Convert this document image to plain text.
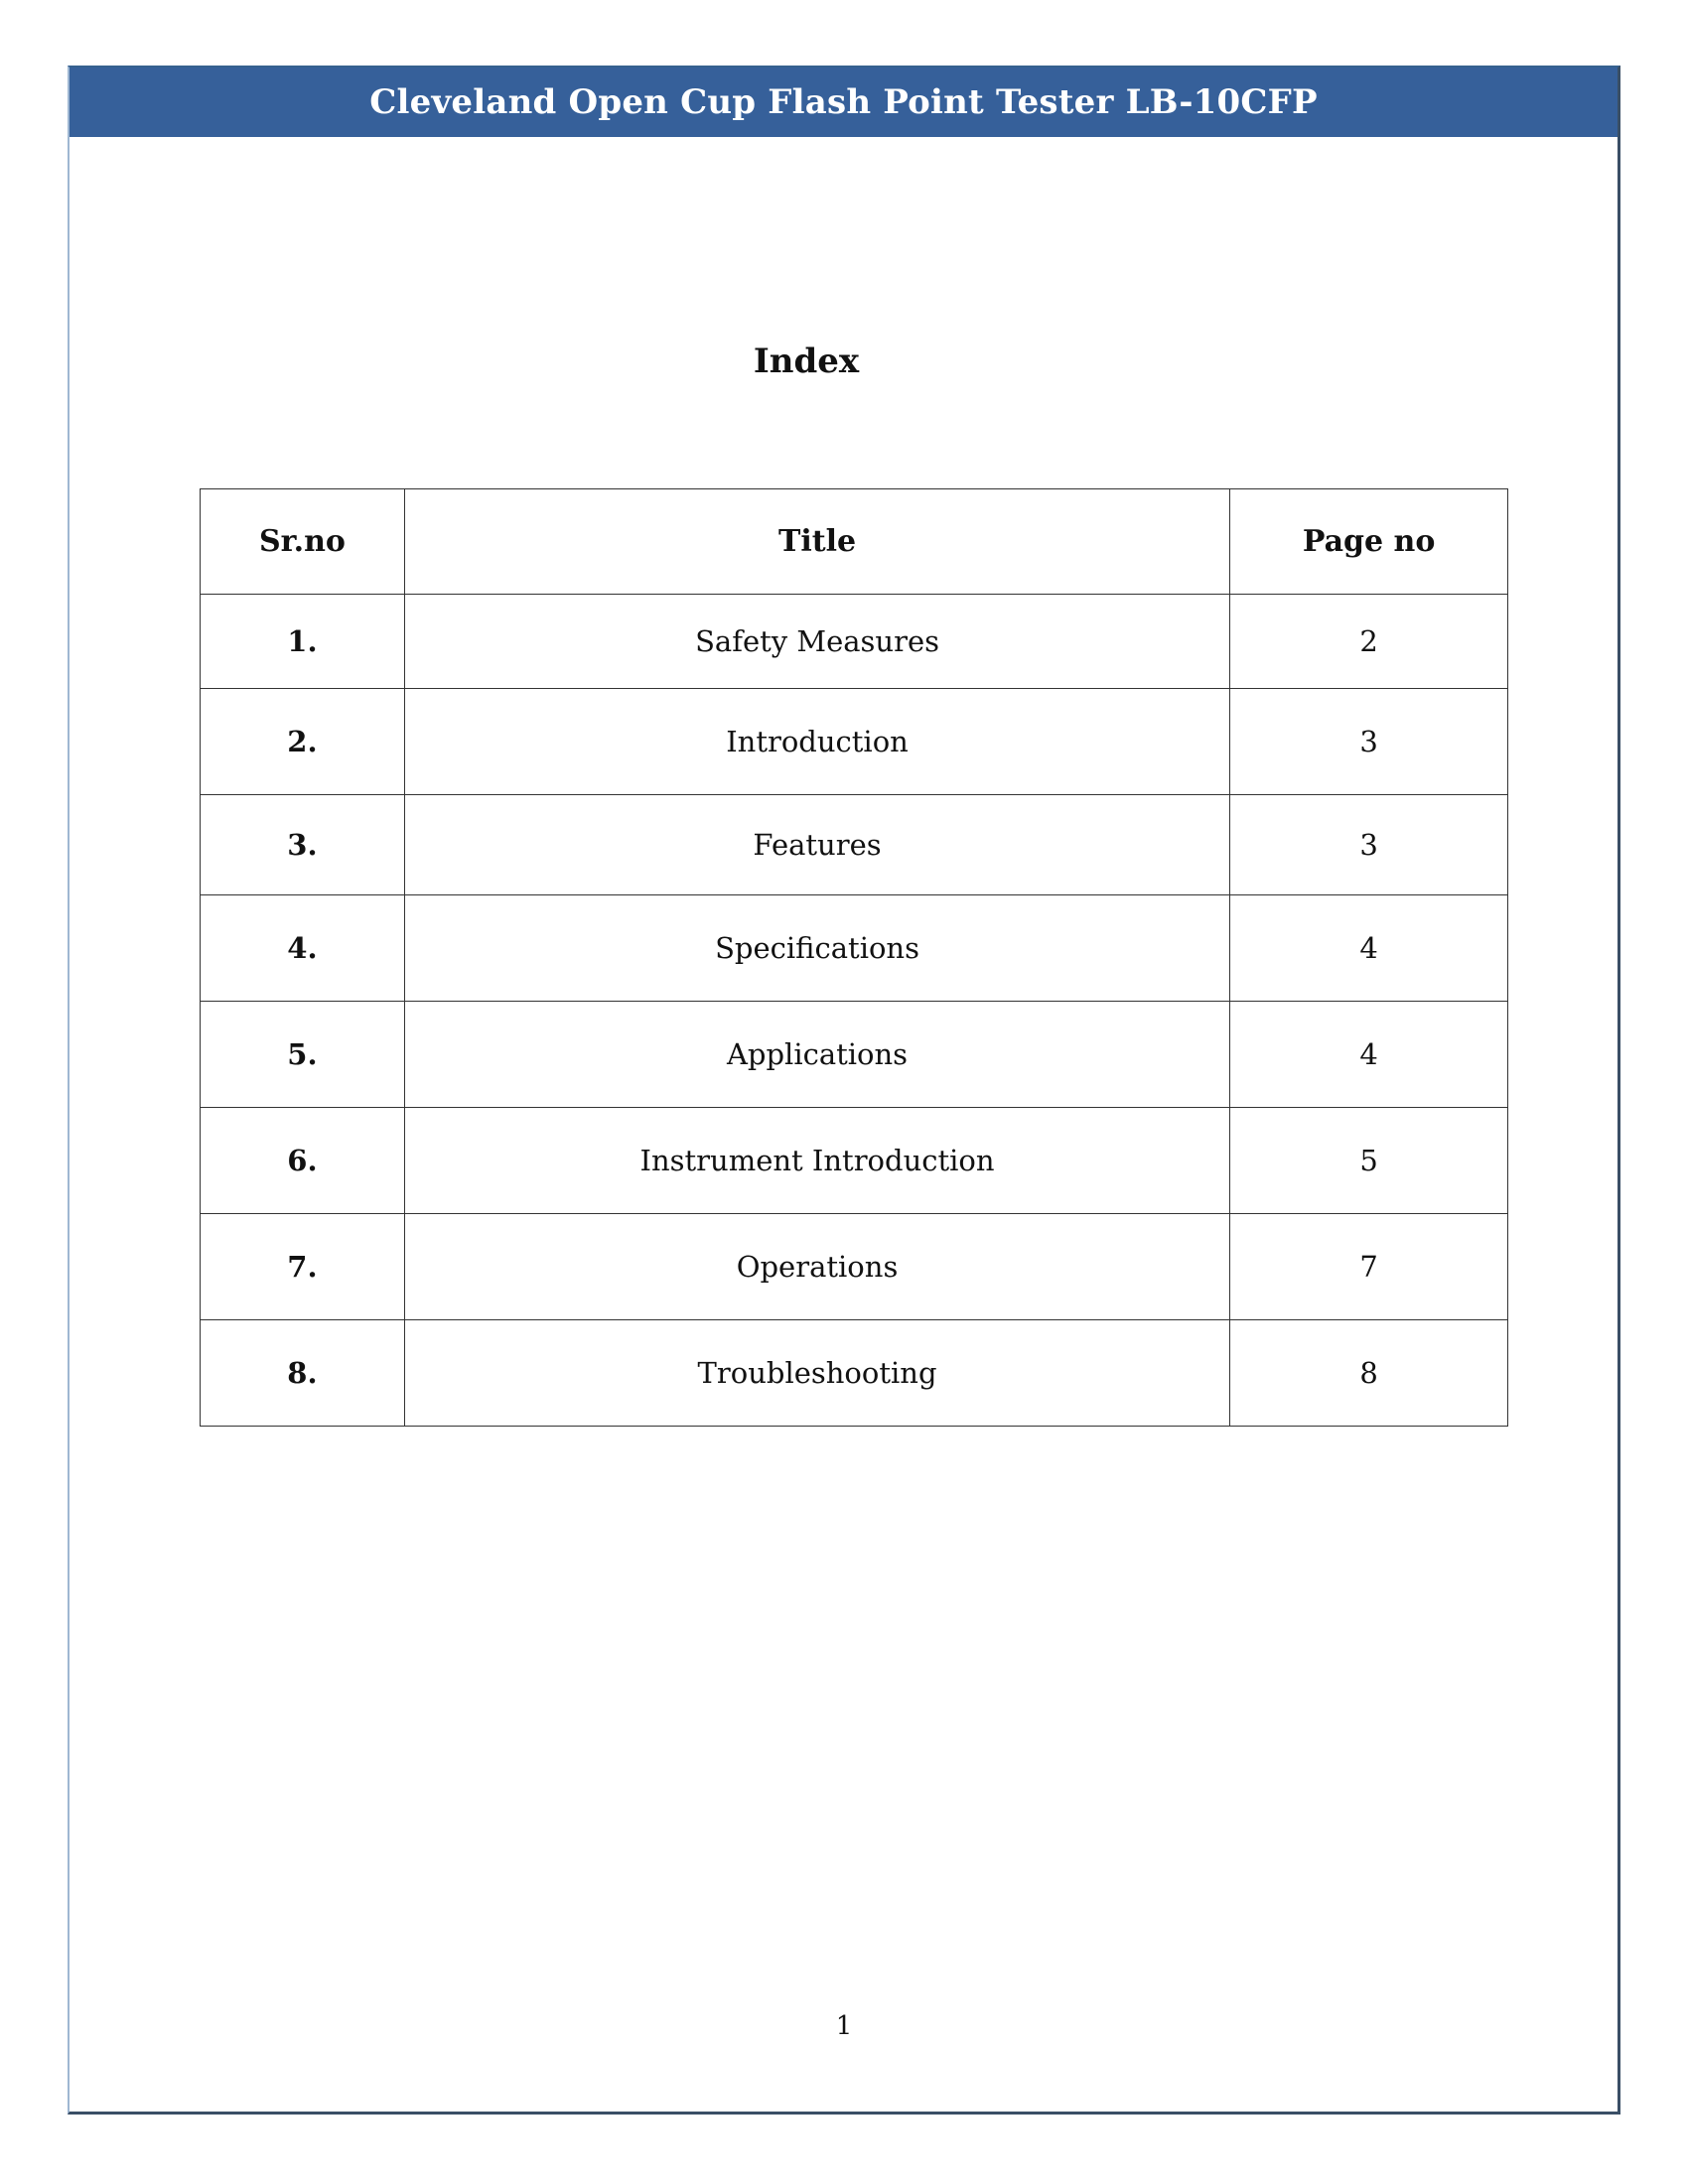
Cleveland Open Cup Flash Point Tester LB-10CFP
Index
Sr.no	Title	Page no
1.	Safety Measures	2
2.	Introduction	3
3.	Features	3
4.	Specifications	4
5.	Applications	4
6.	Instrument Introduction	5
7.	Operations	7
8.	Troubleshooting	8
1
